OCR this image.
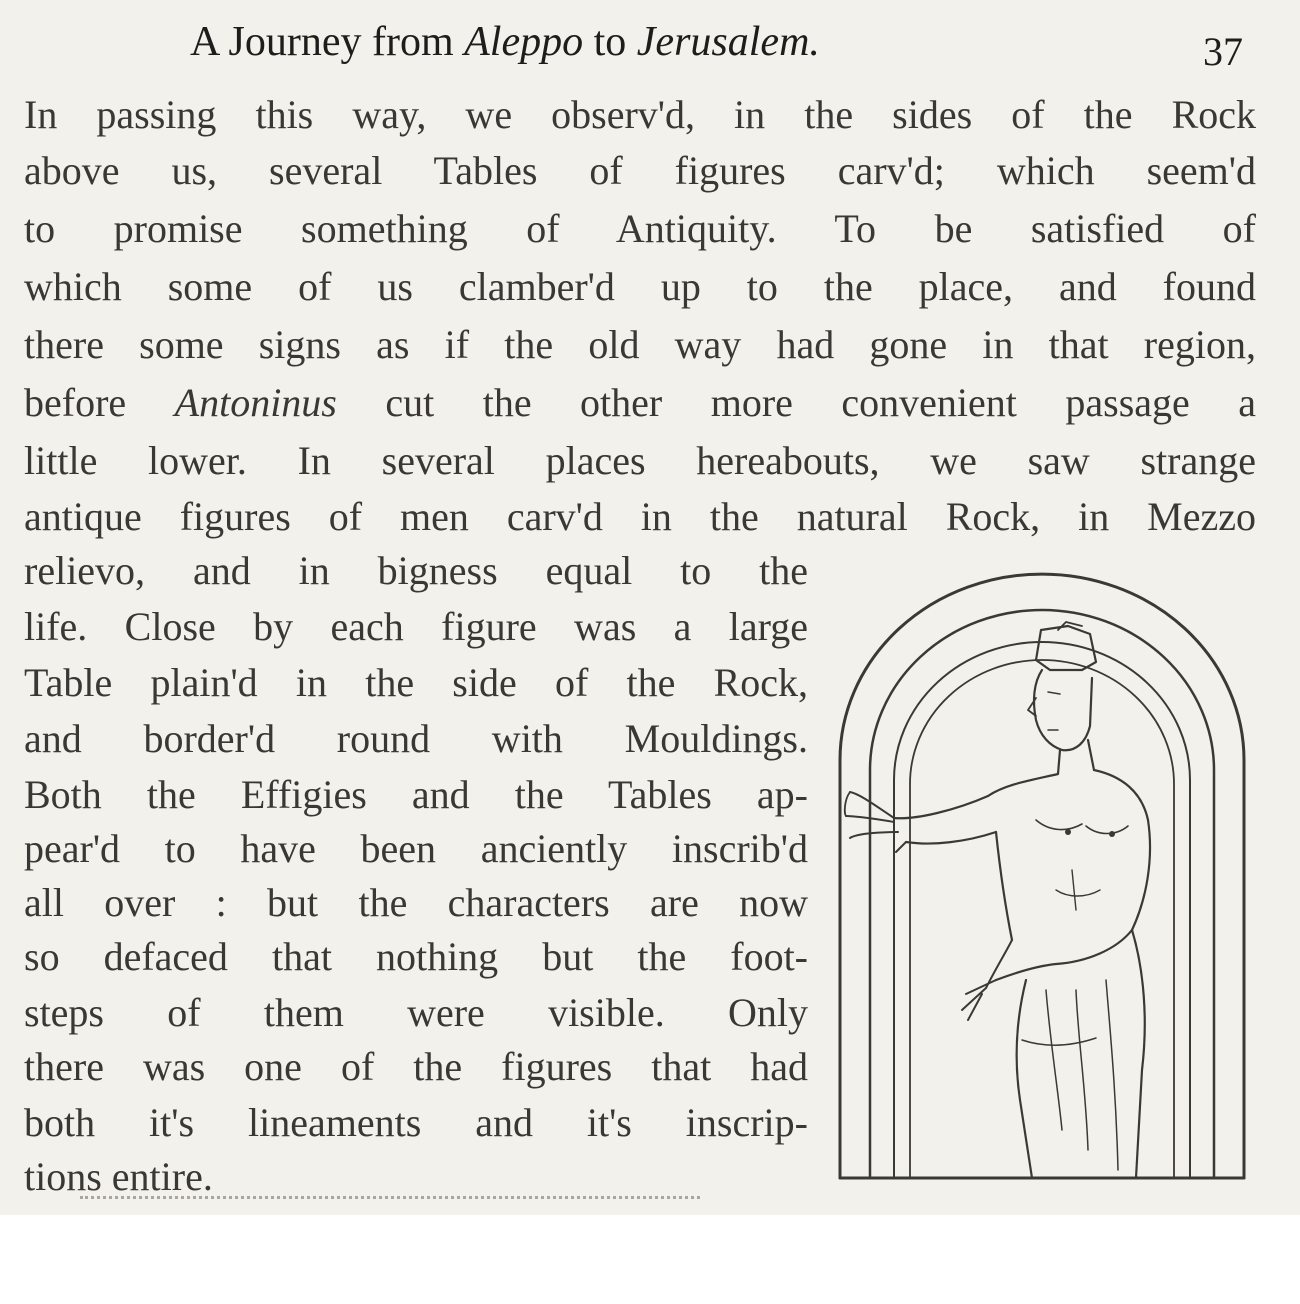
A Journey from Aleppo to Jerusalem.	37
In passing this way, we observ'd, in the sides of the Rock
above us, several Tables of figures carv'd; which seem'd
to promise something of Antiquity. To be satisfied of
which some of us clamber'd up to the place, and found
there some signs as if the old way had gone in that region,
before Antoninus cut the other more convenient passage a
little lower. In several places hereabouts, we saw strange
antique figures of men carv'd in the natural Rock, in Mezzo
relievo, and in bigness equal to the
life. Close by each figure was a large
Table plain'd in the side of the Rock,
and border'd round with Mouldings.
Both the Effigies and the Tables ap-
pear'd to have been anciently inscrib'd
all over : but the characters are now
so defaced that nothing but the foot-
steps of them were visible. Only
there was one of the figures that had
both it's lineaments and it's inscrip-
tions entire.
